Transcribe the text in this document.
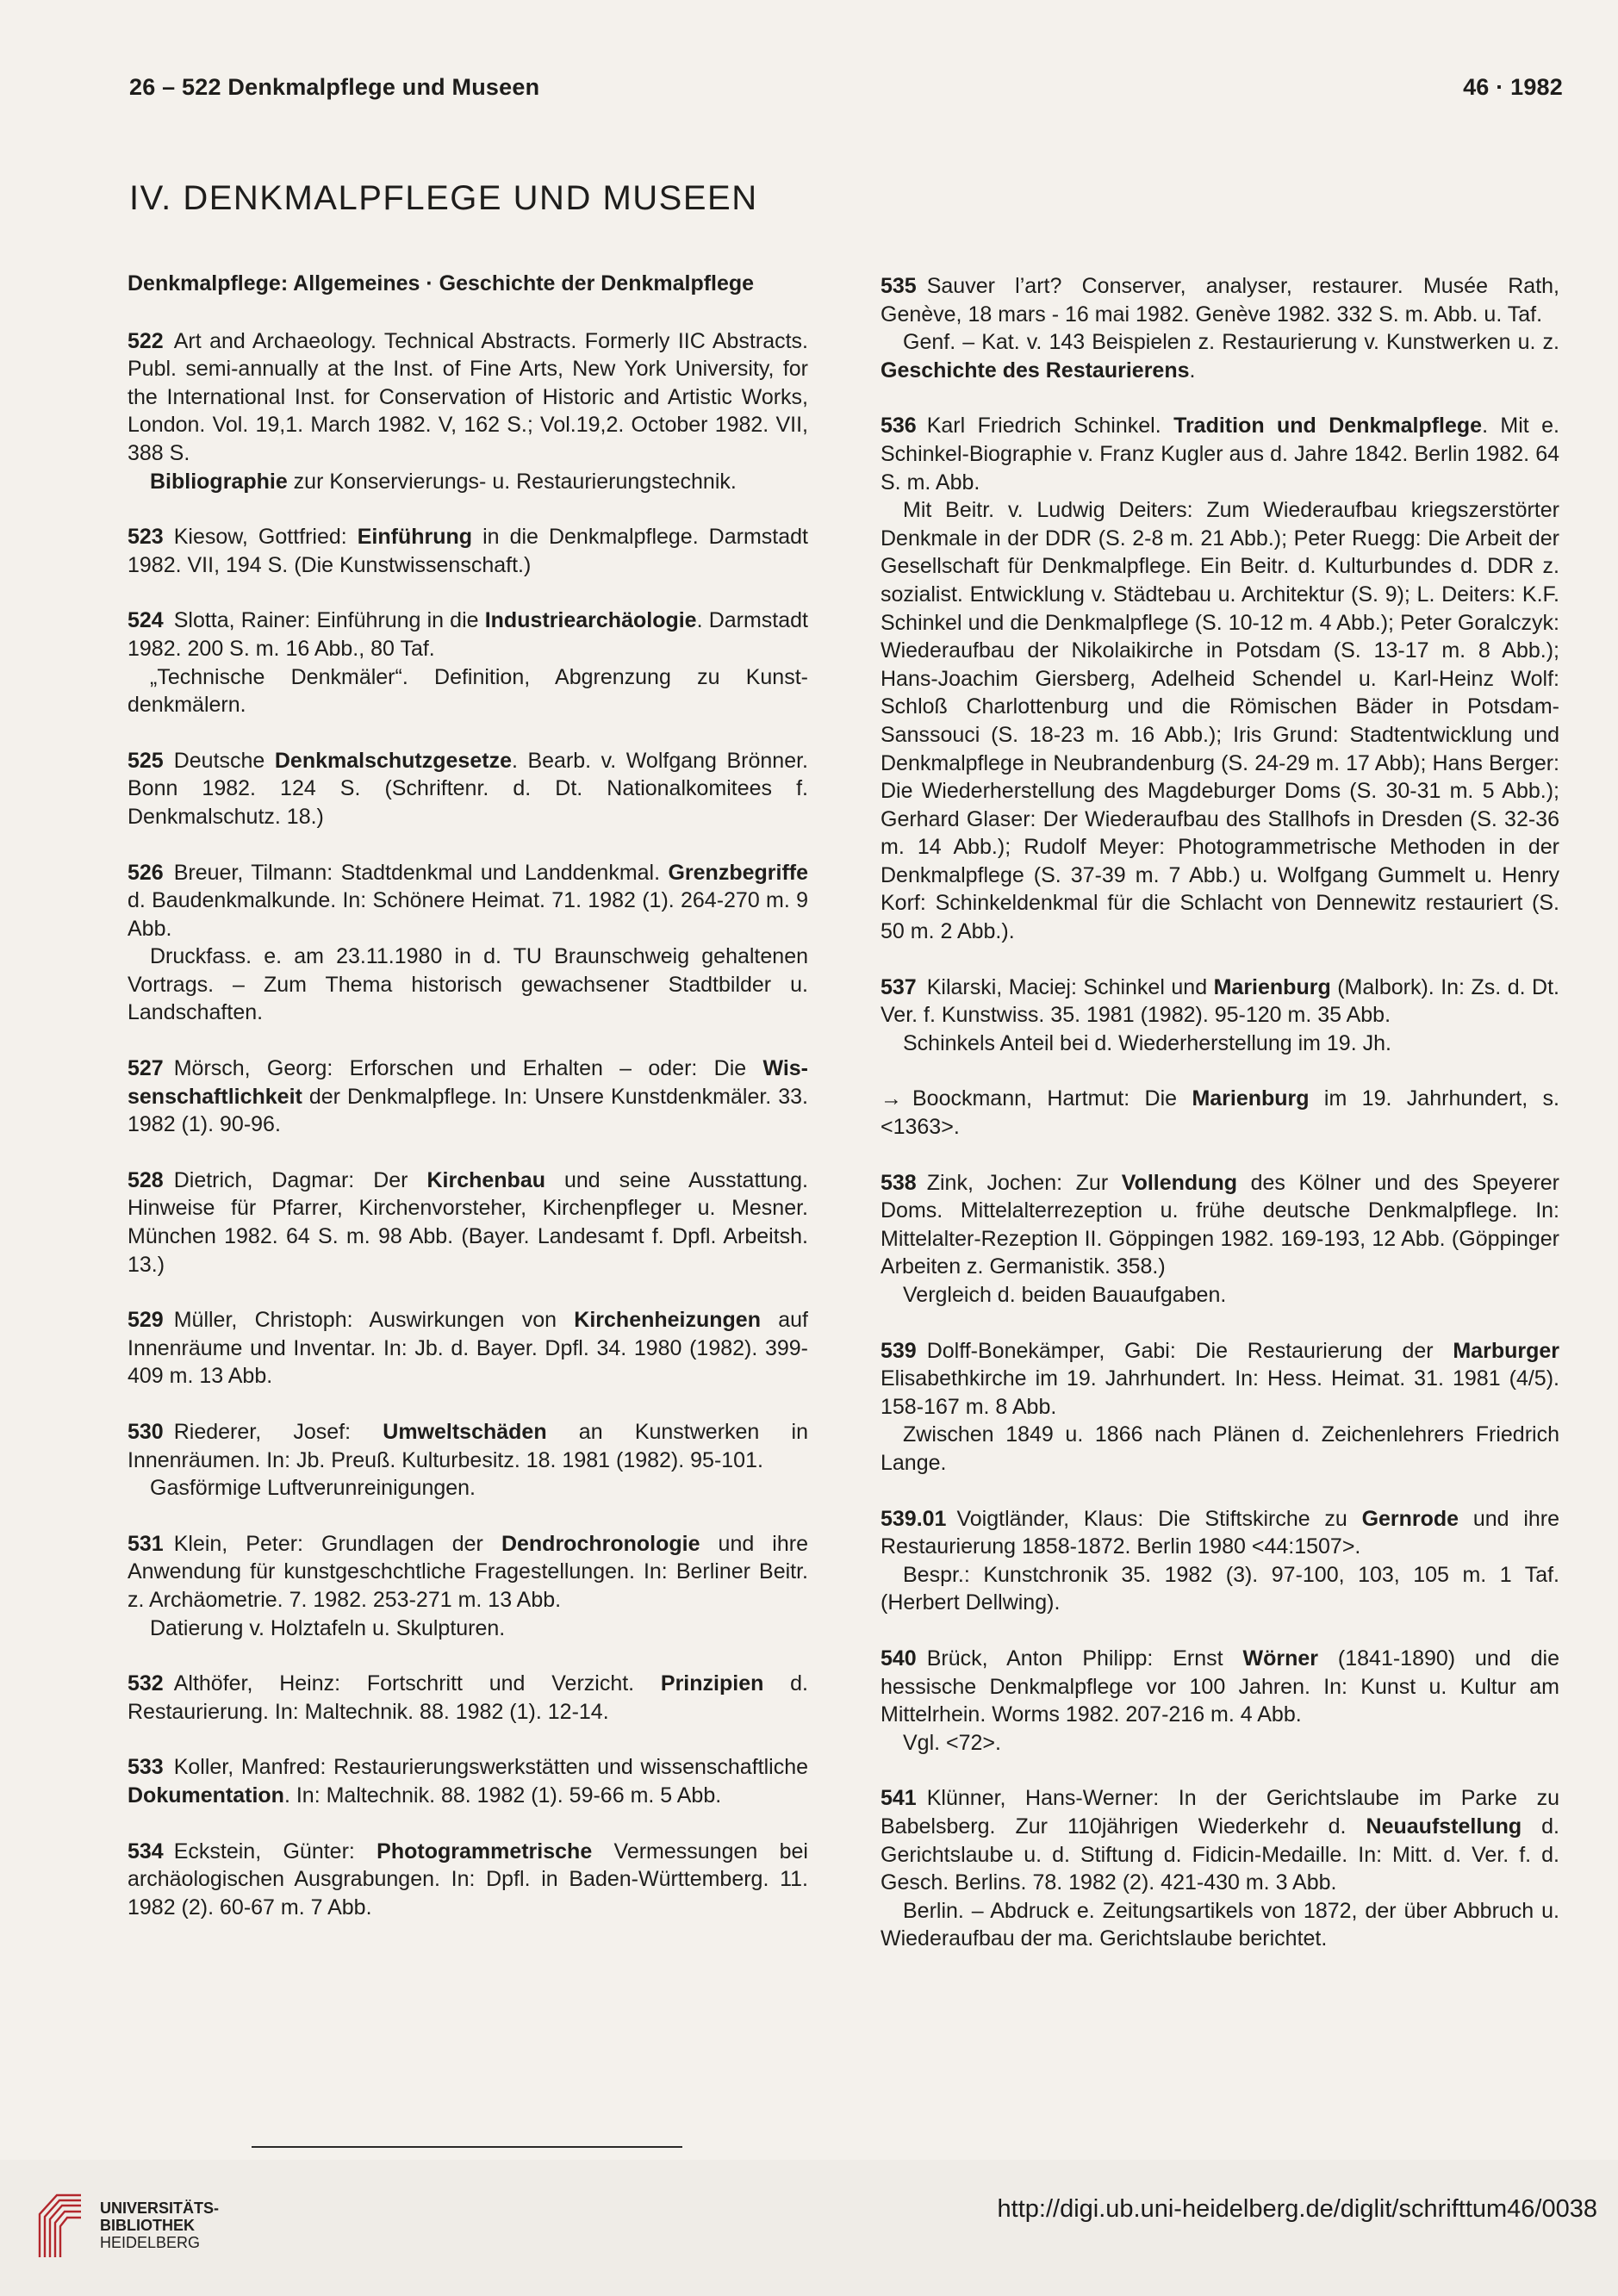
26 – 522 Denkmalpflege und Museen	46 · 1982
IV. DENKMALPFLEGE UND MUSEEN
Denkmalpflege: Allgemeines · Geschichte der Denkmalpflege

522 Art and Archaeology. Technical Abstracts. Formerly IIC Abstracts. Publ. semi-annually at the Inst. of Fine Arts, New York University, for the International Inst. for Conservation of Historic and Artistic Works, London. Vol. 19,1. March 1982. V, 162 S.; Vol.19,2. October 1982. VII, 388 S.

Bibliographie zur Konservierungs- u. Restaurierungstechnik.

523 Kiesow, Gottfried: Einführung in die Denkmalpflege. Darmstadt 1982. VII, 194 S. (Die Kunstwissenschaft.)

524 Slotta, Rainer: Einführung in die Industriearchäologie. Darmstadt 1982. 200 S. m. 16 Abb., 80 Taf.

„Technische Denkmäler“. Definition, Abgrenzung zu Kunstdenkmälern.

525 Deutsche Denkmalschutzgesetze. Bearb. v. Wolfgang Brönner. Bonn 1982. 124 S. (Schriftenr. d. Dt. Nationalkomitees f. Denkmalschutz. 18.)

526 Breuer, Tilmann: Stadtdenkmal und Landdenkmal. Grenzbegriffe d. Baudenkmalkunde. In: Schönere Heimat. 71. 1982 (1). 264-270 m. 9 Abb.

Druckfass. e. am 23.11.1980 in d. TU Braunschweig gehaltenen Vortrags. – Zum Thema historisch gewachsener Stadtbilder u. Landschaften.

527 Mörsch, Georg: Erforschen und Erhalten – oder: Die Wissenschaftlichkeit der Denkmalpflege. In: Unsere Kunstdenkmäler. 33. 1982 (1). 90-96.

528 Dietrich, Dagmar: Der Kirchenbau und seine Ausstattung. Hinweise für Pfarrer, Kirchenvorsteher, Kirchenpfleger u. Mesner. München 1982. 64 S. m. 98 Abb. (Bayer. Landesamt f. Dpfl. Arbeitsh. 13.)

529 Müller, Christoph: Auswirkungen von Kirchenheizungen auf Innenräume und Inventar. In: Jb. d. Bayer. Dpfl. 34. 1980 (1982). 399-409 m. 13 Abb.

530 Riederer, Josef: Umweltschäden an Kunstwerken in Innenräumen. In: Jb. Preuß. Kulturbesitz. 18. 1981 (1982). 95-101.

Gasförmige Luftverunreinigungen.

531 Klein, Peter: Grundlagen der Dendrochronologie und ihre Anwendung für kunstgeschchtliche Fragestellungen. In: Berliner Beitr. z. Archäometrie. 7. 1982. 253-271 m. 13 Abb.

Datierung v. Holztafeln u. Skulpturen.

532 Althöfer, Heinz: Fortschritt und Verzicht. Prinzipien d. Restaurierung. In: Maltechnik. 88. 1982 (1). 12-14.

533 Koller, Manfred: Restaurierungswerkstätten und wissenschaftliche Dokumentation. In: Maltechnik. 88. 1982 (1). 59-66 m. 5 Abb.

534 Eckstein, Günter: Photogrammetrische Vermessungen bei archäologischen Ausgrabungen. In: Dpfl. in Baden-Württemberg. 11. 1982 (2). 60-67 m. 7 Abb.

535 Sauver l’art? Conserver, analyser, restaurer. Musée Rath, Genève, 18 mars - 16 mai 1982. Genève 1982. 332 S. m. Abb. u. Taf.

Genf. – Kat. v. 143 Beispielen z. Restaurierung v. Kunstwerken u. z. Geschichte des Restaurierens.

536 Karl Friedrich Schinkel. Tradition und Denkmalpflege. Mit e. Schinkel-Biographie v. Franz Kugler aus d. Jahre 1842. Berlin 1982. 64 S. m. Abb.

Mit Beitr. v. Ludwig Deiters: Zum Wiederaufbau kriegszerstörter Denkmale in der DDR (S. 2-8 m. 21 Abb.); Peter Ruegg: Die Arbeit der Gesellschaft für Denkmalpflege. Ein Beitr. d. Kulturbundes d. DDR z. sozialist. Entwicklung v. Städtebau u. Architektur (S. 9); L. Deiters: K.F. Schinkel und die Denkmalpflege (S. 10-12 m. 4 Abb.); Peter Goralczyk: Wiederaufbau der Nikolaikirche in Potsdam (S. 13-17 m. 8 Abb.); Hans-Joachim Giersberg, Adelheid Schendel u. Karl-Heinz Wolf: Schloß Charlottenburg und die Römischen Bäder in Potsdam-Sanssouci (S. 18-23 m. 16 Abb.); Iris Grund: Stadtentwicklung und Denkmalpflege in Neubrandenburg (S. 24-29 m. 17 Abb); Hans Berger: Die Wiederherstellung des Magdeburger Doms (S. 30-31 m. 5 Abb.); Gerhard Glaser: Der Wiederaufbau des Stallhofs in Dresden (S. 32-36 m. 14 Abb.); Rudolf Meyer: Photogrammetrische Methoden in der Denkmalpflege (S. 37-39 m. 7 Abb.) u. Wolfgang Gummelt u. Henry Korf: Schinkeldenkmal für die Schlacht von Dennewitz restauriert (S. 50 m. 2 Abb.).

537 Kilarski, Maciej: Schinkel und Marienburg (Malbork). In: Zs. d. Dt. Ver. f. Kunstwiss. 35. 1981 (1982). 95-120 m. 35 Abb.

Schinkels Anteil bei d. Wiederherstellung im 19. Jh.

→ Boockmann, Hartmut: Die Marienburg im 19. Jahrhundert, s. <1363>.

538 Zink, Jochen: Zur Vollendung des Kölner und des Speyerer Doms. Mittelalterrezeption u. frühe deutsche Denkmalpflege. In: Mittelalter-Rezeption II. Göppingen 1982. 169-193, 12 Abb. (Göppinger Arbeiten z. Germanistik. 358.)

Vergleich d. beiden Bauaufgaben.

539 Dolff-Bonekämper, Gabi: Die Restaurierung der Marburger Elisabethkirche im 19. Jahrhundert. In: Hess. Heimat. 31. 1981 (4/5). 158-167 m. 8 Abb.

Zwischen 1849 u. 1866 nach Plänen d. Zeichenlehrers Friedrich Lange.

539.01 Voigtländer, Klaus: Die Stiftskirche zu Gernrode und ihre Restaurierung 1858-1872. Berlin 1980 <44:1507>.

Bespr.: Kunstchronik 35. 1982 (3). 97-100, 103, 105 m. 1 Taf. (Herbert Dellwing).

540 Brück, Anton Philipp: Ernst Wörner (1841-1890) und die hessische Denkmalpflege vor 100 Jahren. In: Kunst u. Kultur am Mittelrhein. Worms 1982. 207-216 m. 4 Abb.

Vgl. <72>.

541 Klünner, Hans-Werner: In der Gerichtslaube im Parke zu Babelsberg. Zur 110jährigen Wiederkehr d. Neuaufstellung d. Gerichtslaube u. d. Stiftung d. Fidicin-Medaille. In: Mitt. d. Ver. f. d. Gesch. Berlins. 78. 1982 (2). 421-430 m. 3 Abb.

Berlin. – Abdruck e. Zeitungsartikels von 1872, der über Abbruch u. Wiederaufbau der ma. Gerichtslaube berichtet.

UNIVERSITÄTS-
BIBLIOTHEK
HEIDELBERG
http://digi.ub.uni-heidelberg.de/diglit/schrifttum46/0038
